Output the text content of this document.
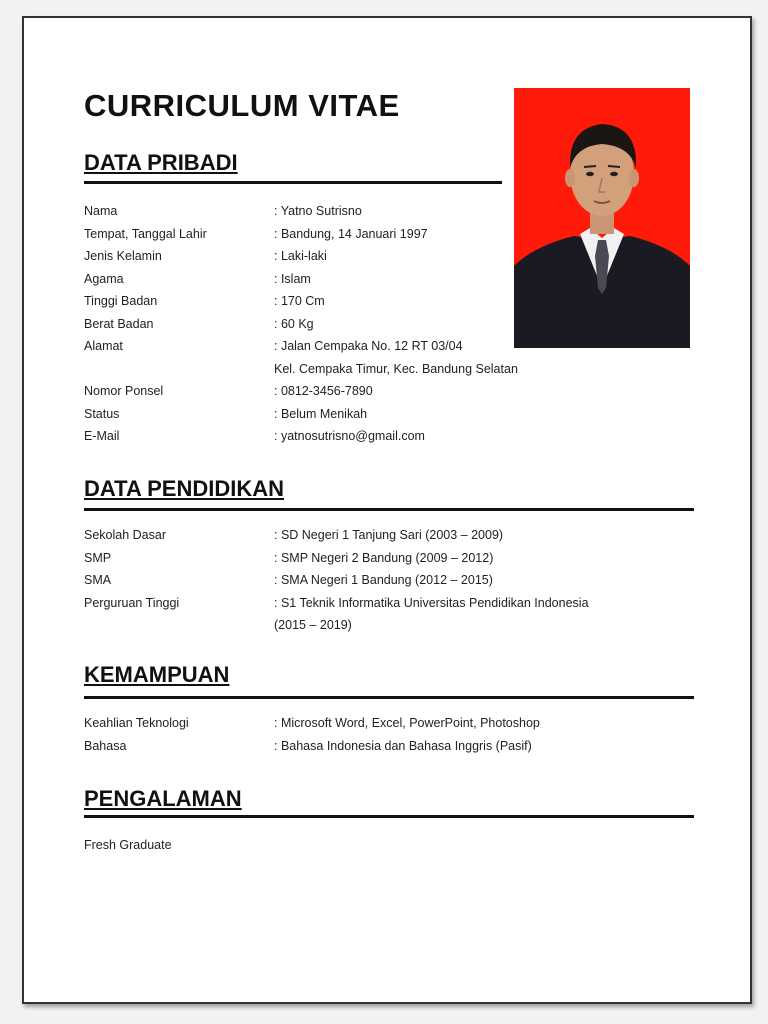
CURRICULUM VITAE
DATA PRIBADI
Nama	: Yatno Sutrisno
Tempat, Tanggal Lahir	: Bandung, 14 Januari 1997
Jenis Kelamin	: Laki-laki
Agama	: Islam
Tinggi Badan	: 170 Cm
Berat Badan	: 60 Kg
Alamat	: Jalan Cempaka No. 12 RT 03/04
Kel. Cempaka Timur, Kec. Bandung Selatan
Nomor Ponsel	: 0812-3456-7890
Status	: Belum Menikah
E-Mail	: yatnosutrisno@gmail.com
DATA PENDIDIKAN
Sekolah Dasar	: SD Negeri 1 Tanjung Sari (2003 – 2009)
SMP	: SMP Negeri 2 Bandung (2009 – 2012)
SMA	: SMA Negeri 1 Bandung (2012 – 2015)
Perguruan Tinggi	: S1 Teknik Informatika Universitas Pendidikan Indonesia
(2015 – 2019)
KEMAMPUAN
Keahlian Teknologi	: Microsoft Word, Excel, PowerPoint, Photoshop
Bahasa	: Bahasa Indonesia dan Bahasa Inggris (Pasif)
PENGALAMAN
Fresh Graduate
